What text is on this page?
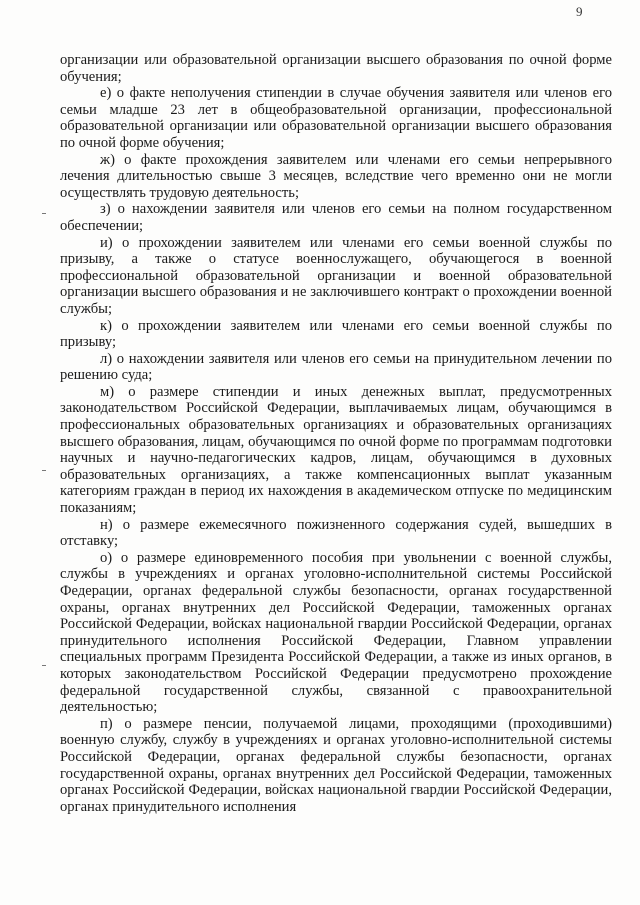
9

организации или образовательной организации высшего образования по очной форме обучения;

е) о факте неполучения стипендии в случае обучения заявителя или членов его семьи младше 23 лет в общеобразовательной организации, профессиональной образовательной организации или образовательной организации высшего образования по очной форме обучения;

ж) о факте прохождения заявителем или членами его семьи непрерывного лечения длительностью свыше 3 месяцев, вследствие чего временно они не могли осуществлять трудовую деятельность;

з) о нахождении заявителя или членов его семьи на полном государственном обеспечении;

и) о прохождении заявителем или членами его семьи военной службы по призыву, а также о статусе военнослужащего, обучающегося в военной профессиональной образовательной организации и военной образовательной организации высшего образования и не заключившего контракт о прохождении военной службы;

к) о прохождении заявителем или членами его семьи военной службы по призыву;

л) о нахождении заявителя или членов его семьи на принудительном лечении по решению суда;

м) о размере стипендии и иных денежных выплат, предусмотренных законодательством Российской Федерации, выплачиваемых лицам, обучающимся в профессиональных образовательных организациях и образовательных организациях высшего образования, лицам, обучающимся по очной форме по программам подготовки научных и научно-педагогических кадров, лицам, обучающимся в духовных образовательных организациях, а также компенсационных выплат указанным категориям граждан в период их нахождения в академическом отпуске по медицинским показаниям;

н) о размере ежемесячного пожизненного содержания судей, вышедших в отставку;

о) о размере единовременного пособия при увольнении с военной службы, службы в учреждениях и органах уголовно-исполнительной системы Российской Федерации, органах федеральной службы безопасности, органах государственной охраны, органах внутренних дел Российской Федерации, таможенных органах Российской Федерации, войсках национальной гвардии Российской Федерации, органах принудительного исполнения Российской Федерации, Главном управлении специальных программ Президента Российской Федерации, а также из иных органов, в которых законодательством Российской Федерации предусмотрено прохождение федеральной государственной службы, связанной с правоохранительной деятельностью;

п) о размере пенсии, получаемой лицами, проходящими (проходившими) военную службу, службу в учреждениях и органах уголовно-исполнительной системы Российской Федерации, органах федеральной службы безопасности, органах государственной охраны, органах внутренних дел Российской Федерации, таможенных органах Российской Федерации, войсках национальной гвардии Российской Федерации, органах принудительного исполнения
